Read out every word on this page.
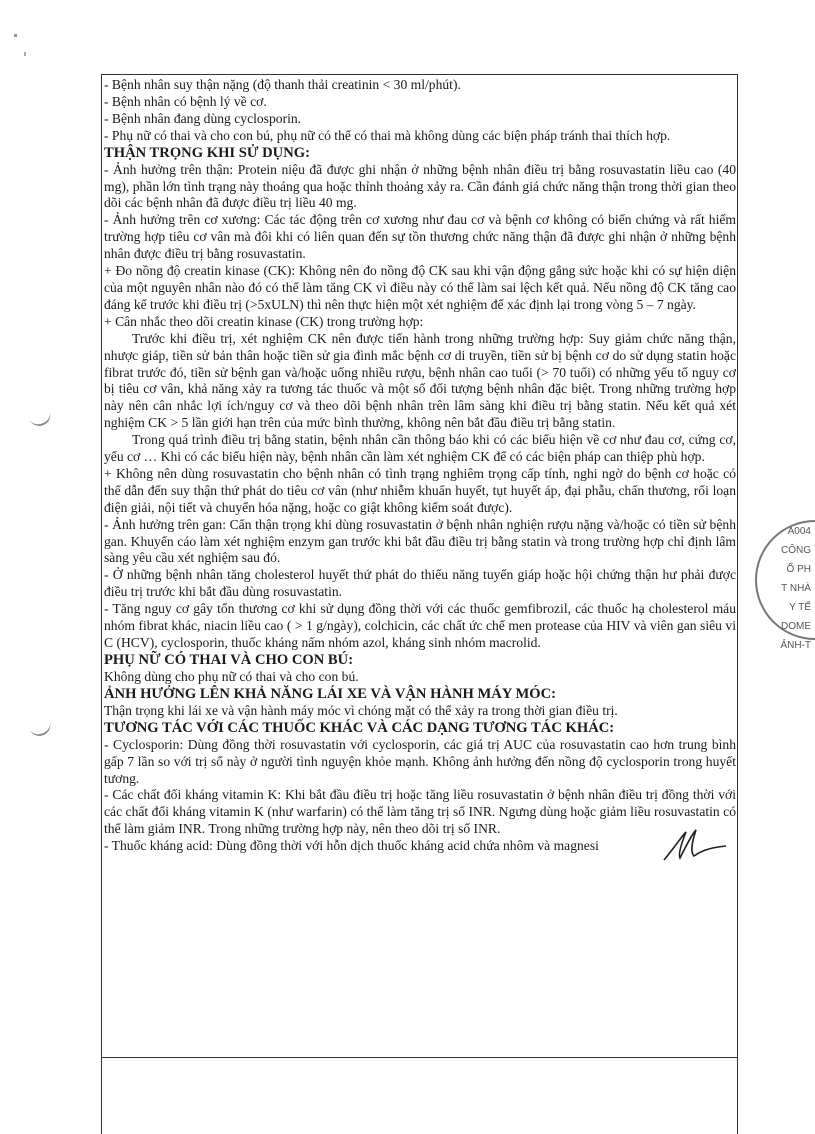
A004
CÔNG
Ổ PH
T NHÀ
Y TẾ
DOME
ẢNH-T

- Bệnh nhân suy thận nặng (độ thanh thải creatinin < 30 ml/phút).

- Bệnh nhân có bệnh lý về cơ.

- Bệnh nhân đang dùng cyclosporin.

- Phụ nữ có thai và cho con bú, phụ nữ có thể có thai mà không dùng các biện pháp tránh thai thích hợp.

THẬN TRỌNG KHI SỬ DỤNG:

- Ảnh hưởng trên thận: Protein niệu đã được ghi nhận ở những bệnh nhân điều trị bằng rosuvastatin liều cao (40 mg), phần lớn tình trạng này thoáng qua hoặc thỉnh thoảng xảy ra. Cần đánh giá chức năng thận trong thời gian theo dõi các bệnh nhân đã được điều trị liều 40 mg.

- Ảnh hưởng trên cơ xương: Các tác động trên cơ xương như đau cơ và bệnh cơ không có biến chứng và rất hiếm trường hợp tiêu cơ vân mà đôi khi có liên quan đến sự tồn thương chức năng thận đã được ghi nhận ở những bệnh nhân được điều trị bằng rosuvastatin.

+ Đo nồng độ creatin kinase (CK): Không nên đo nồng độ CK sau khi vận động gắng sức hoặc khi có sự hiện diện của một nguyên nhân nào đó có thể làm tăng CK vì điều này có thể làm sai lệch kết quả. Nếu nồng độ CK tăng cao đáng kể trước khi điều trị (>5xULN) thì nên thực hiện một xét nghiệm để xác định lại trong vòng 5 – 7 ngày.

+ Cân nhắc theo dõi creatin kinase (CK) trong trường hợp:

Trước khi điều trị, xét nghiệm CK nên được tiến hành trong những trường hợp: Suy giảm chức năng thận, nhược giáp, tiền sử bản thân hoặc tiền sử gia đình mắc bệnh cơ di truyền, tiền sử bị bệnh cơ do sử dụng statin hoặc fibrat trước đó, tiền sử bệnh gan và/hoặc uống nhiều rượu, bệnh nhân cao tuổi (> 70 tuổi) có những yếu tố nguy cơ bị tiêu cơ vân, khả năng xảy ra tương tác thuốc và một số đối tượng bệnh nhân đặc biệt. Trong những trường hợp này nên cân nhắc lợi ích/nguy cơ và theo dõi bệnh nhân trên lâm sàng khi điều trị bằng statin. Nếu kết quả xét nghiệm CK > 5 lần giới hạn trên của mức bình thường, không nên bắt đầu điều trị bằng statin.

Trong quá trình điều trị bằng statin, bệnh nhân cần thông báo khi có các biểu hiện về cơ như đau cơ, cứng cơ, yếu cơ … Khi có các biểu hiện này, bệnh nhân cần làm xét nghiệm CK để có các biện pháp can thiệp phù hợp.

+ Không nên dùng rosuvastatin cho bệnh nhân có tình trạng nghiêm trọng cấp tính, nghi ngờ do bệnh cơ hoặc có thể dẫn đến suy thận thứ phát do tiêu cơ vân (như nhiễm khuẩn huyết, tụt huyết áp, đại phẫu, chấn thương, rối loạn điện giải, nội tiết và chuyển hóa nặng, hoặc co giật không kiểm soát được).

- Ảnh hưởng trên gan: Cẩn thận trọng khi dùng rosuvastatin ở bệnh nhân nghiện rượu nặng và/hoặc có tiền sử bệnh gan. Khuyến cáo làm xét nghiệm enzym gan trước khi bắt đầu điều trị bằng statin và trong trường hợp chỉ định lâm sàng yêu cầu xét nghiệm sau đó.

- Ở những bệnh nhân tăng cholesterol huyết thứ phát do thiểu năng tuyến giáp hoặc hội chứng thận hư phải được điều trị trước khi bắt đầu dùng rosuvastatin.

- Tăng nguy cơ gây tổn thương cơ khi sử dụng đồng thời với các thuốc gemfibrozil, các thuốc hạ cholesterol máu nhóm fibrat khác, niacin liều cao ( > 1 g/ngày), colchicin, các chất ức chế men protease của HIV và viên gan siêu vi C (HCV), cyclosporin, thuốc kháng nấm nhóm azol, kháng sinh nhóm macrolid.

PHỤ NỮ CÓ THAI VÀ CHO CON BÚ:

Không dùng cho phụ nữ có thai và cho con bú.

ẢNH HƯỞNG LÊN KHẢ NĂNG LÁI XE VÀ VẬN HÀNH MÁY MÓC:

Thận trọng khi lái xe và vận hành máy móc vì chóng mặt có thể xảy ra trong thời gian điều trị.

TƯƠNG TÁC VỚI CÁC THUỐC KHÁC VÀ CÁC DẠNG TƯƠNG TÁC KHÁC:

- Cyclosporin: Dùng đồng thời rosuvastatin với cyclosporin, các giá trị AUC của rosuvastatin cao hơn trung bình gấp 7 lần so với trị số này ở người tình nguyện khỏe mạnh. Không ảnh hưởng đến nồng độ cyclosporin trong huyết tương.

- Các chất đối kháng vitamin K: Khi bắt đầu điều trị hoặc tăng liều rosuvastatin ở bệnh nhân điều trị đồng thời với các chất đối kháng vitamin K (như warfarin) có thể làm tăng trị số INR. Ngưng dùng hoặc giảm liều rosuvastatin có thể làm giảm INR. Trong những trường hợp này, nên theo dõi trị số INR.

- Thuốc kháng acid: Dùng đồng thời với hỗn dịch thuốc kháng acid chứa nhôm và magnesi
